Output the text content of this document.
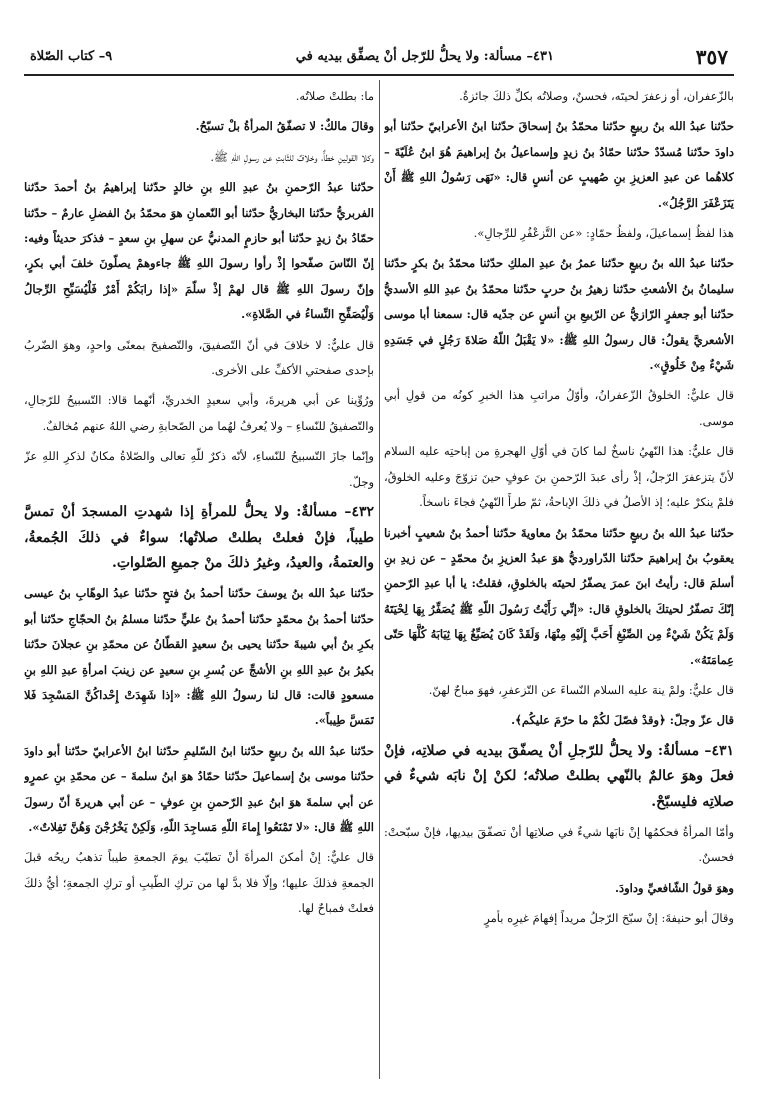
٣٥٧
٤٣١– مسألة: ولا يحلُّ للرّجل أنْ يصفِّق بيديه في
٩– كتاب الصّلاة

بالزّعفران، أو زعفرَ لحيتَه، فحسنٌ، وصلاتُه بكلِّ ذلكَ جائزةٌ.

حدّثنا عبدُ الله بنُ ربيعٍ حدّثنا محمّدُ بنُ إسحاقَ حدّثنا ابنُ الأعرابيّ حدّثنا أبو داودَ حدّثنا مُسدّدٌ حدّثنا حمّادُ بنُ زيدٍ وإسماعيلُ بنُ إبراهيمَ هُوَ ابنُ عُلَيّةَ – كلاهُما عن عبدِ العزيزِ بنِ صُهيبٍ عن أنسٍ قال: «نَهَى رَسُولُ اللهِ ﷺ أَنْ يَتَزَعْفَرَ الرَّجُلُ».

هذا لفظُ إسماعيلَ، ولفظُ حمّادٍ: «عن التَّزعْفُرِ للرِّجالِ».

حدّثنا عبدُ الله بنُ ربيعٍ حدّثنا عمرُ بنُ عبدِ الملكِ حدّثنا محمّدُ بنُ بكرٍ حدّثنا سليمانُ بنُ الأشعثِ حدّثنا زهيرُ بنُ حربٍ حدّثنا محمّدُ بنُ عبدِ اللهِ الأسديُّ حدّثنا أبو جعفرٍ الرّازيُّ عن الرّبيعِ بنِ أنسٍ عن جدّيه قال: سمعنا أبا موسى الأشعريَّ يقولُ: قال رسولُ اللهِ ﷺ: «لا يَقْبَلُ اللّهُ صَلاةَ رَجُلٍ في جَسَدِهِ شَيْءٌ مِنْ خَلُوقٍ».

قال عليٌّ: الخلوقُ الزّعفرانُ، وأوّلُ مراتبِ هذا الخبرِ كونُه من قولِ أبي موسى.

قال عليٌّ: هذا النّهيُ ناسخٌ لما كانَ في أوّلِ الهجرةِ من إباحتِه عليه السلام لأنّ يتزعفرَ الرّجلُ، إذْ رأى عبدَ الرّحمنِ بنَ عوفٍ حينَ تزوّجَ وعليه الخلوقُ، فلمْ ينكرْ عليه؛ إذ الأصلُ في ذلكَ الإباحةُ، ثمّ طرأَ النّهيُ فجاءَ ناسخاً.

حدّثنا عبدُ الله بنُ ربيعٍ حدّثنا محمّدُ بنُ معاويةَ حدّثنا أحمدُ بنُ شعيبٍ أخبرنا يعقوبُ بنُ إبراهيمَ حدّثنا الدّراورديُّ هوَ عبدُ العزيزِ بنُ محمّدٍ – عن زيدِ بنِ أسلمَ قال: رأيتُ ابنَ عمرَ يصفّرُ لحيتَه بالخلوقِ، فقلتُ: يا أبا عبدِ الرّحمنِ إنّكَ تصفّرُ لحيتكَ بالخلوقِ قال: «إنِّي رَأَيْتُ رَسُولَ اللّهِ ﷺ يُصَفِّرُ بِهَا لِحْيَتَهُ وَلَمْ يَكُنْ شَيْءٌ مِن الصِّبْغِ أَحَبَّ إِلَيْهِ مِنْهَا، وَلَقَدْ كَانَ يُصَبِّغُ بِهَا ثِيَابَهُ كُلَّهَا حَتّى عِمامَتَهُ».

قال عليٌّ: ولمْ ينهَ عليه السلام النّساءَ عن التّزعفرِ، فهوَ مباحٌ لهنّ.

قال عزّ وجلّ: ﴿وقدْ فصّلَ لكُمْ ما حرّمَ عليكُم﴾.

٤٣١– مسألةٌ: ولا يحلُّ للرّجلِ أنْ يصفّقَ بيديه في صلاتِه، فإنْ فعلَ وهوَ عالمٌ بالنّهي بطلتْ صلاتُه؛ لكنْ إنْ نابَه شيءٌ في صلاتِه فليسبّحْ.

وأمّا المرأةُ فحكمُها إنْ نابَها شيءٌ في صلاتِها أنْ تصفّقَ بيديها، فإنْ سبّحتْ: فحسنٌ.

وهوَ قولُ الشّافعيِّ وداودَ.

وقالَ أبو حنيفةَ: إنْ سبّحَ الرّجلُ مريداً إفهامَ غيرِه بأمرٍ

ما: بطلتْ صلاتُه.

وقالَ مالكٌ: لا تصفّقُ المرأةُ بلْ تسبّحُ.

وكلا القولينِ خطأٌ، وخلافٌ للثّابتِ عن رسولِ اللهِ ﷺ.

حدّثنا عبدُ الرّحمنِ بنُ عبدِ اللهِ بنِ خالدٍ حدّثنا إبراهيمُ بنُ أحمدَ حدّثنا الفربريُّ حدّثنا البخاريُّ حدّثنا أبو النّعمانِ هوَ محمّدُ بنُ الفضلِ عارمٌ – حدّثنا حمّادُ بنُ زيدٍ حدّثنا أبو حازمٍ المدنيُّ عن سهلِ بنِ سعدٍ – فذكرَ حديثاً وفيه: إنّ النّاسَ صفّحوا إذْ رأوا رسولَ اللهِ ﷺ جاءوهمْ يصلّونَ خلفَ أبي بكرٍ، وإنّ رسولَ اللهِ ﷺ قال لهمْ إذْ سلّمَ «إذا رابَكُمْ أَمْرٌ فَلْيُسَبِّحِ الرِّجالُ وَلْيُصَفِّحِ النِّساءُ في الصَّلاةِ».

قال عليٌّ: لا خلافَ في أنّ التّصفيقَ، والتّصفيحَ بمعنًى واحدٍ، وهوَ الضّربُ بإحدى صفحتي الأكفِّ على الأخرى.

ورُوِّينا عن أبي هريرةَ، وأبي سعيدٍ الخدريِّ، أنّهما قالا: التّسبيحُ للرّجالِ، والتّصفيقُ للنّساءِ – ولا يُعرفُ لهُما من الصّحابةِ رضي اللهُ عنهم مُخالفٌ.

وإنّما جازَ التّسبيحُ للنّساءِ، لأنّه ذكرٌ للّهِ تعالى والصّلاةُ مكانٌ لذكرِ اللهِ عزّ وجلّ.

٤٣٢– مسألةٌ: ولا يحلُّ للمرأةِ إذا شهدتِ المسجدَ أنْ تمسَّ طيباً، فإنْ فعلتْ بطلتْ صلاتُها؛ سواءٌ في ذلكَ الجُمعةُ، والعتمةُ، والعيدُ، وغيرُ ذلكَ منْ جميعِ الصّلواتِ.

حدّثنا عبدُ الله بنُ يوسفَ حدّثنا أحمدُ بنُ فتحٍ حدّثنا عبدُ الوهّابِ بنُ عيسى حدّثنا أحمدُ بنُ محمّدٍ حدّثنا أحمدُ بنُ عليٍّ حدّثنا مسلمُ بنُ الحجّاجِ حدّثنا أبو بكرِ بنُ أبي شيبةَ حدّثنا يحيى بنُ سعيدٍ القطّانُ عن محمّدِ بنِ عجلانَ حدّثنا بكيرُ بنُ عبدِ اللهِ بنِ الأشجِّ عن بُسرِ بنِ سعيدٍ عن زينبَ امرأةِ عبدِ اللهِ بنِ مسعودٍ قالت: قال لنا رسولُ اللهِ ﷺ: «إذا شَهِدَتْ إِحْداكُنَّ المَسْجِدَ فَلا تَمَسَّ طِيباً».

حدّثنا عبدُ الله بنُ ربيعٍ حدّثنا ابنُ السّليمِ حدّثنا ابنُ الأعرابيّ حدّثنا أبو داودَ حدّثنا موسى بنُ إسماعيلَ حدّثنا حمّادُ هوَ ابنُ سلمةَ – عن محمّدِ بنِ عمرٍو عن أبي سلمةَ هوَ ابنُ عبدِ الرّحمنِ بنِ عوفٍ – عن أبي هريرةَ أنّ رسولَ اللهِ ﷺ قال: «لا تَمْنَعُوا إِماءَ اللّهِ مَساجِدَ اللّهِ، وَلَكِنْ يَخْرُجْنَ وَهُنَّ تَفِلاتٌ».

قال عليٌّ: إنْ أمكنَ المرأةَ أنْ تطيّبَ يومَ الجمعةِ طيباً تذهبُ ريحُه قبلَ الجمعةِ فذلكَ عليها؛ وإلّا فلا بدَّ لها من تركِ الطّيبِ أو تركِ الجمعةِ؛ أيُّ ذلكَ فعلتْ فمباحٌ لها.
